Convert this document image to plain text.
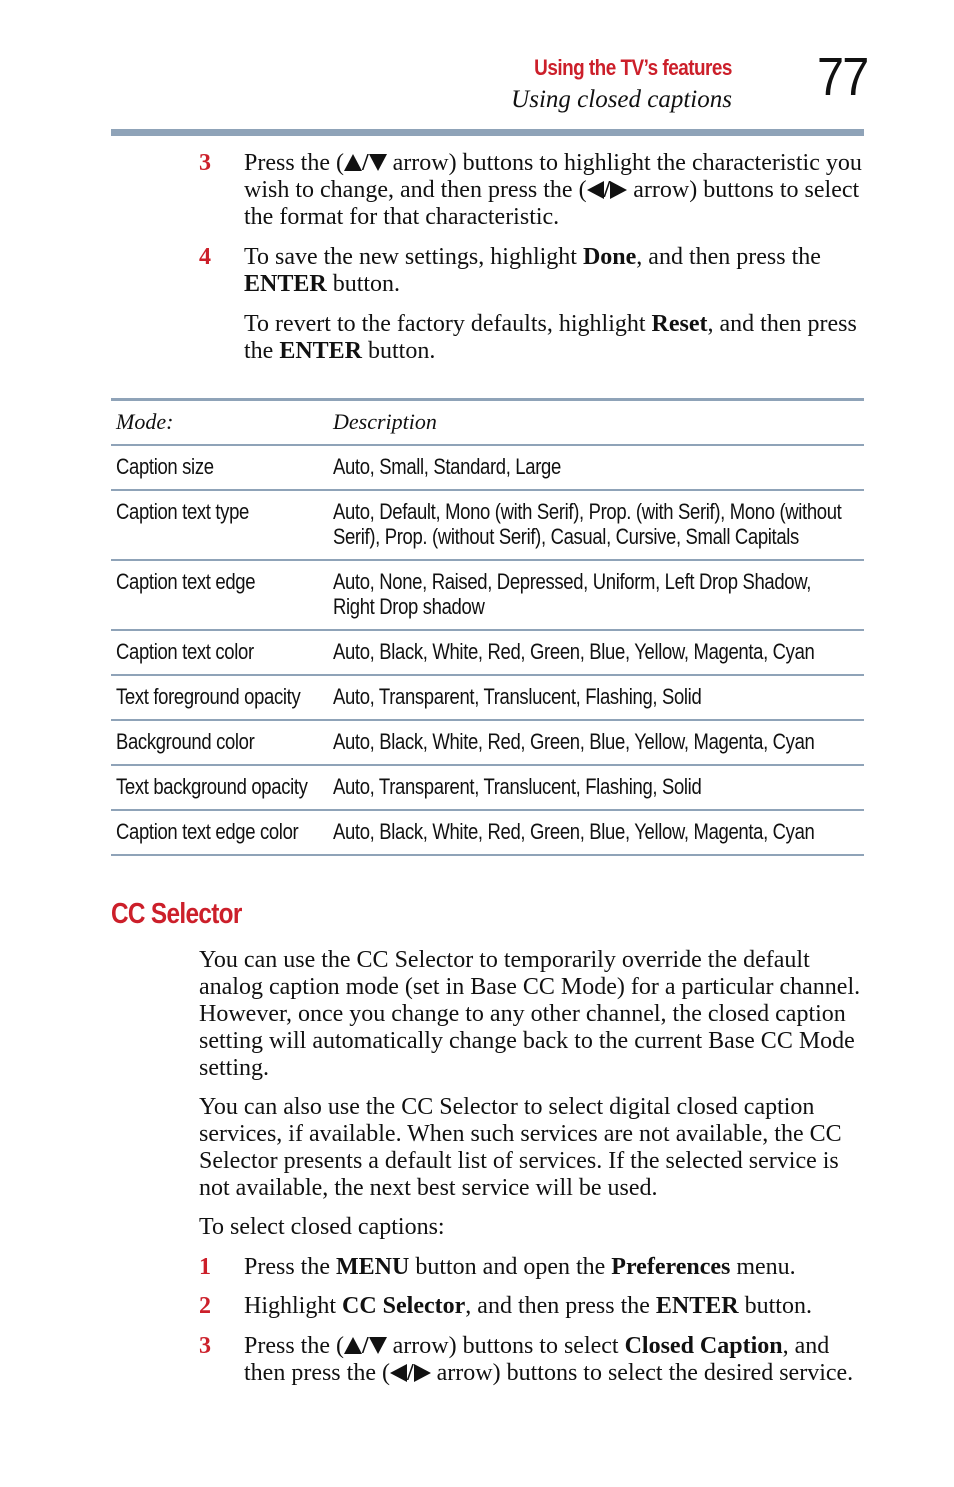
Using the TV’s features
Using closed captions 77
3 Press the ( / arrow) buttons to highlight the characteristic you wish to change, and then press the ( / arrow) buttons to select the format for that characteristic.
4 To save the new settings, highlight Done, and then press the ENTER button.
To revert to the factory defaults, highlight Reset, and then press the ENTER button.
Mode:	Description
Caption size	Auto, Small, Standard, Large
Caption text type	Auto, Default, Mono (with Serif), Prop. (with Serif), Mono (without Serif), Prop. (without Serif), Casual, Cursive, Small Capitals
Caption text edge	Auto, None, Raised, Depressed, Uniform, Left Drop Shadow, Right Drop shadow
Caption text color	Auto, Black, White, Red, Green, Blue, Yellow, Magenta, Cyan
Text foreground opacity	Auto, Transparent, Translucent, Flashing, Solid
Background color	Auto, Black, White, Red, Green, Blue, Yellow, Magenta, Cyan
Text background opacity	Auto, Transparent, Translucent, Flashing, Solid
Caption text edge color	Auto, Black, White, Red, Green, Blue, Yellow, Magenta, Cyan
CC Selector
You can use the CC Selector to temporarily override the default analog caption mode (set in Base CC Mode) for a particular channel. However, once you change to any other channel, the closed caption setting will automatically change back to the current Base CC Mode setting.
You can also use the CC Selector to select digital closed caption services, if available. When such services are not available, the CC Selector presents a default list of services. If the selected service is not available, the next best service will be used.
To select closed captions:
1 Press the MENU button and open the Preferences menu.
2 Highlight CC Selector, and then press the ENTER button.
3 Press the ( / arrow) buttons to select Closed Caption, and then press the ( / arrow) buttons to select the desired service.
